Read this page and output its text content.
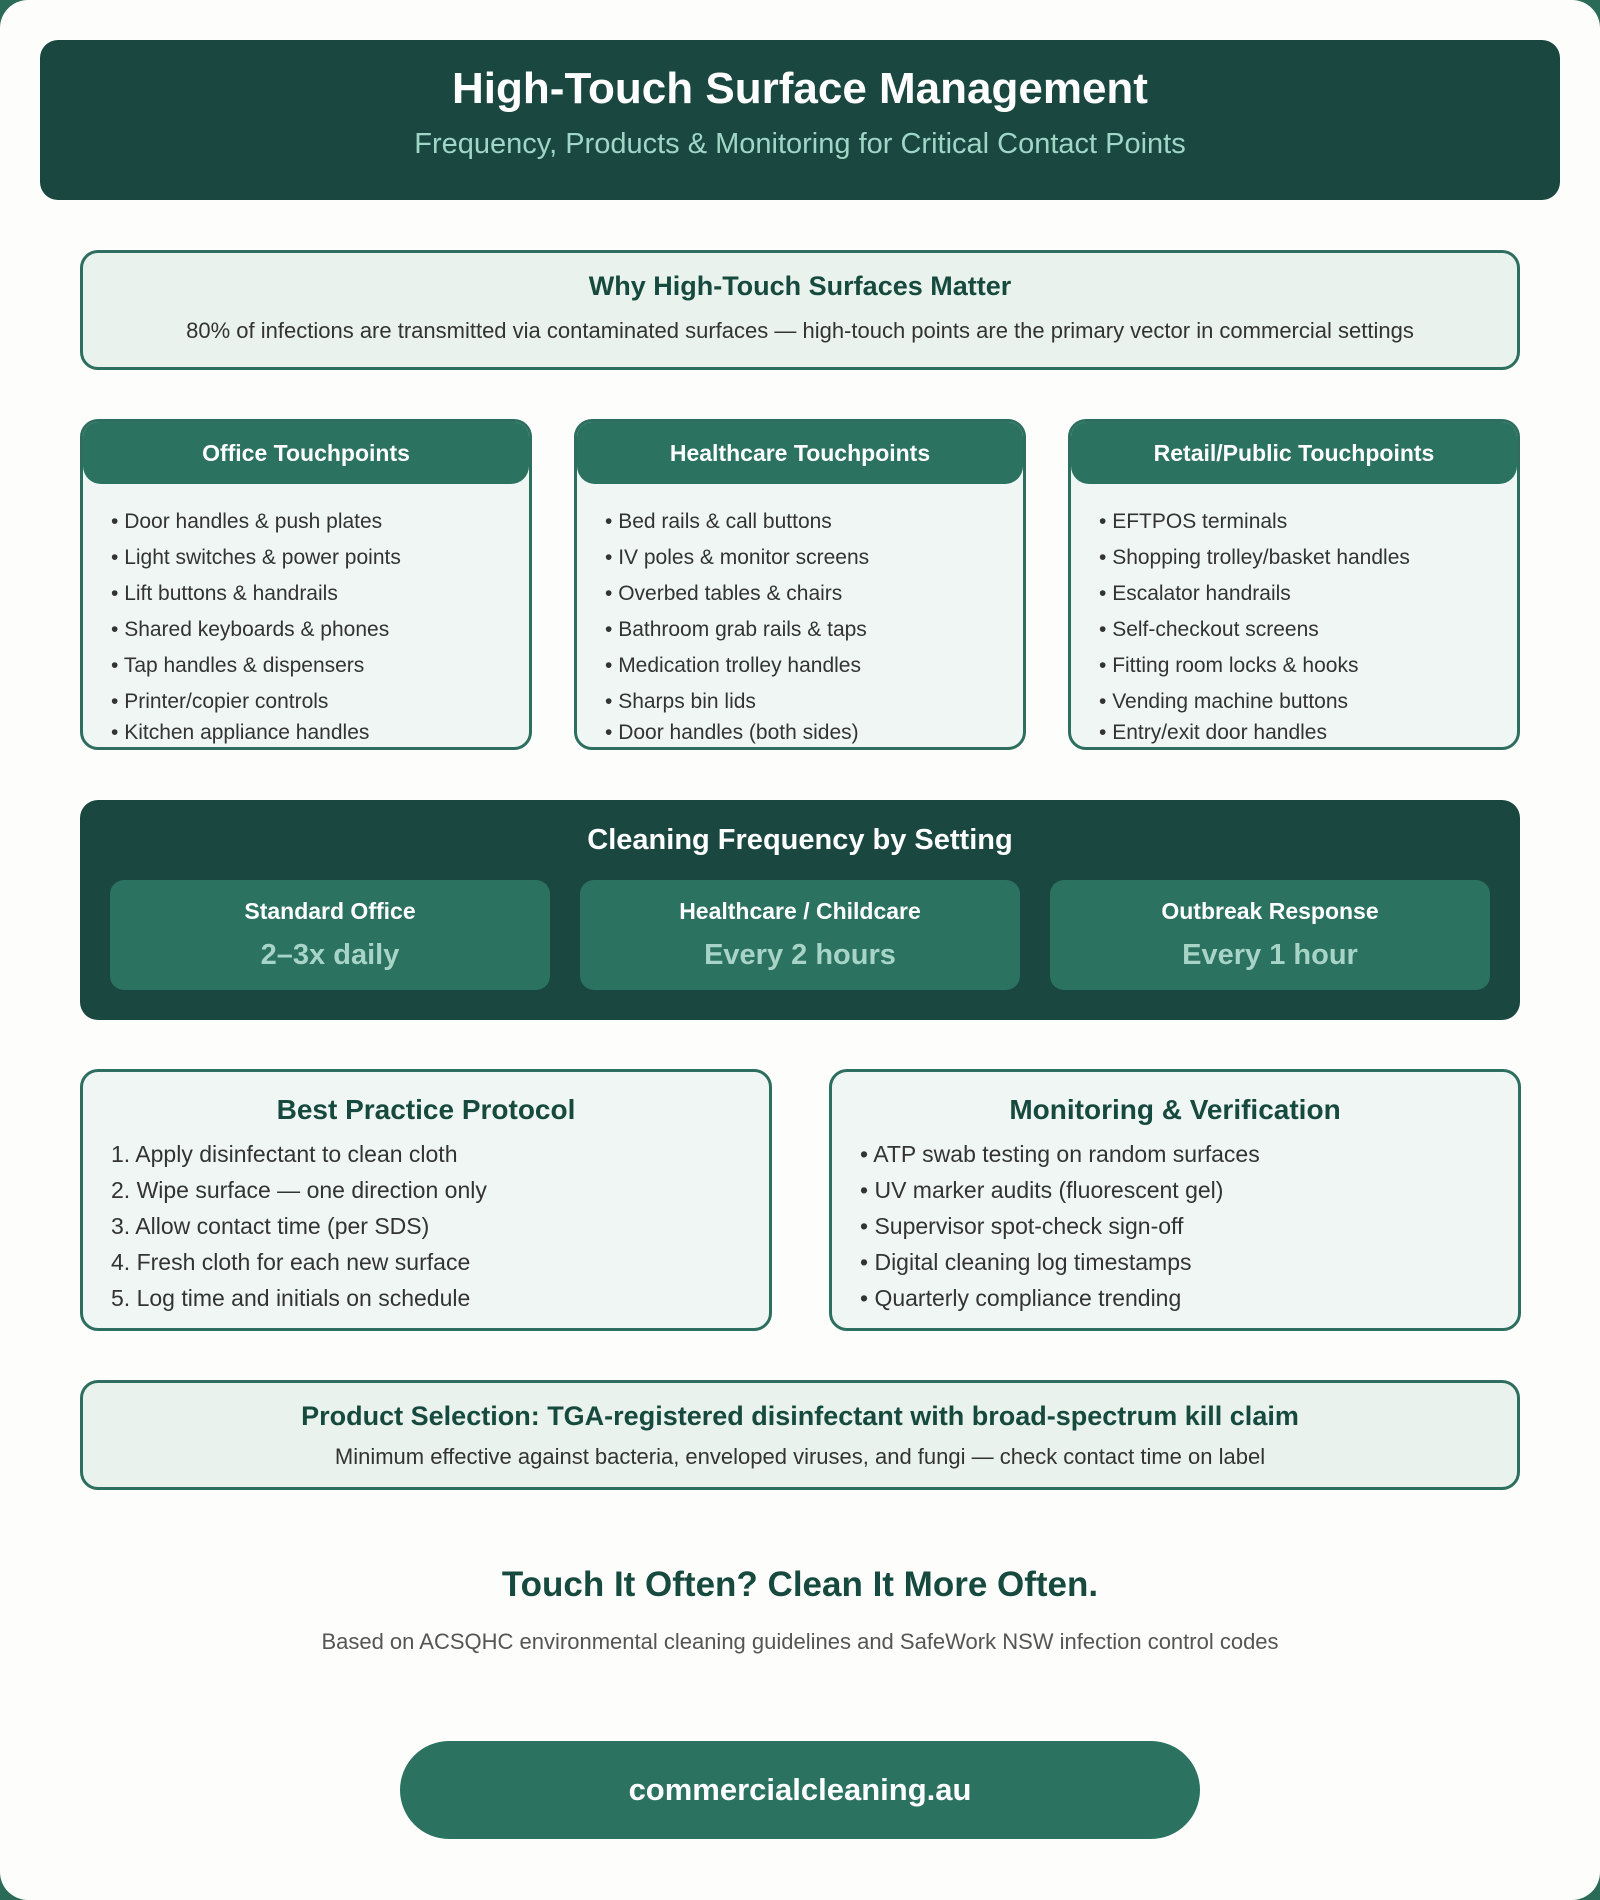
High-Touch Surface Management

Frequency, Products & Monitoring for Critical Contact Points

Why High-Touch Surfaces Matter

80% of infections are transmitted via contaminated surfaces — high-touch points are the primary vector in commercial settings

Office Touchpoints
• Door handles & push plates
• Light switches & power points
• Lift buttons & handrails
• Shared keyboards & phones
• Tap handles & dispensers
• Printer/copier controls
• Kitchen appliance handles
Healthcare Touchpoints
• Bed rails & call buttons
• IV poles & monitor screens
• Overbed tables & chairs
• Bathroom grab rails & taps
• Medication trolley handles
• Sharps bin lids
• Door handles (both sides)
Retail/Public Touchpoints
• EFTPOS terminals
• Shopping trolley/basket handles
• Escalator handrails
• Self-checkout screens
• Fitting room locks & hooks
• Vending machine buttons
• Entry/exit door handles
Cleaning Frequency by Setting
Standard Office
2–3x daily
Healthcare / Childcare
Every 2 hours
Outbreak Response
Every 1 hour
Best Practice Protocol
1. Apply disinfectant to clean cloth
2. Wipe surface — one direction only
3. Allow contact time (per SDS)
4. Fresh cloth for each new surface
5. Log time and initials on schedule
Monitoring & Verification
• ATP swab testing on random surfaces
• UV marker audits (fluorescent gel)
• Supervisor spot-check sign-off
• Digital cleaning log timestamps
• Quarterly compliance trending
Product Selection: TGA-registered disinfectant with broad-spectrum kill claim

Minimum effective against bacteria, enveloped viruses, and fungi — check contact time on label

Touch It Often? Clean It More Often.
Based on ACSQHC environmental cleaning guidelines and SafeWork NSW infection control codes
commercialcleaning.au
